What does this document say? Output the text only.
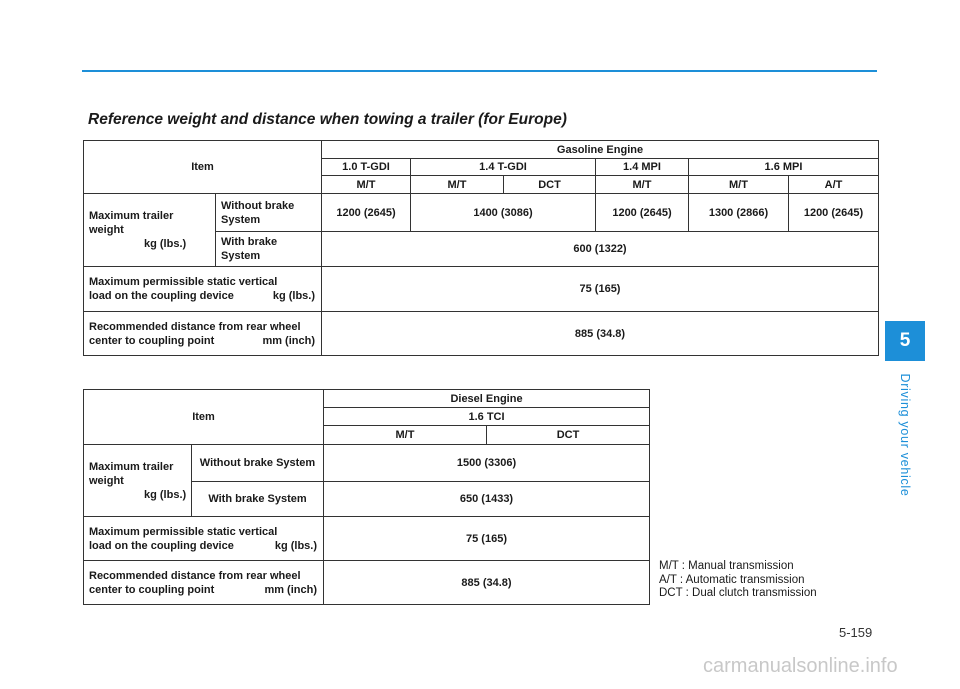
Reference weight and distance when towing a trailer (for Europe)
Item		Gasoline Engine					
		1.0 T-GDI	1.4 T-GDI		1.4 MPI	1.6 MPI	
		M/T	M/T	DCT	M/T	M/T	A/T

Maximum trailer
weight
kg (lbs.)	Without brake
System	1200 (2645)	1400 (3086)		1200 (2645)	1300 (2866)	1200 (2645)

	With brake
System	600 (1322)					

Maximum permissible static vertical
load on the coupling device kg (lbs.)		75 (165)					

Recommended distance from rear wheel
center to coupling point mm (inch)		885 (34.8)					
Item		Diesel Engine	
		1.6 TCI	
		M/T	DCT

Maximum trailer
weight
kg (lbs.)	Without brake System	1500 (3306)	
	With brake System	650 (1433)	

Maximum permissible static vertical
load on the coupling device kg (lbs.)		75 (165)	

Recommended distance from rear wheel
center to coupling point mm (inch)		885 (34.8)	
M/T : Manual transmission
A/T : Automatic transmission
DCT : Dual clutch transmission
5
Driving your vehicle
5-159
carmanualsonline.info
